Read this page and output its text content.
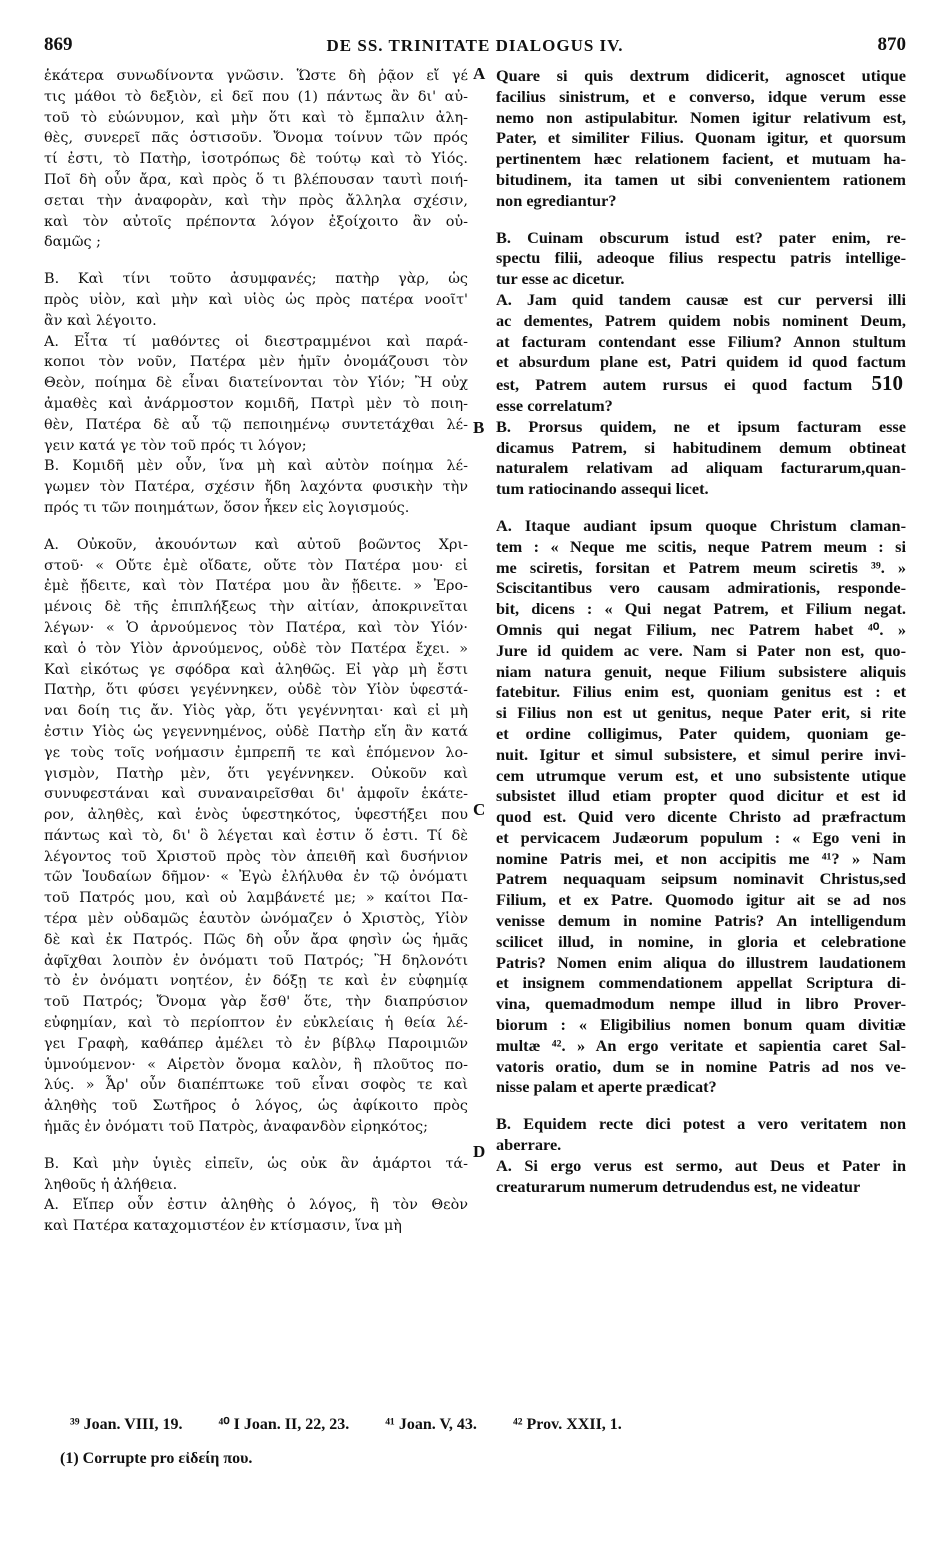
869	DE SS. TRINITATE DIALOGUS IV.	870
ἑκάτερα συνωδίνοντα γνῶσιν. Ὥστε δὴ ῥᾷον εἴ γέ
τις μάθοι τὸ δεξιὸν, εἰ δεῖ που (1) πάντως ἂν δι' αὐ-
τοῦ τὸ εὐώνυμον, καὶ μὴν ὅτι καὶ τὸ ἔμπαλιν ἀλη-
θὲς, συνερεῖ πᾶς ὁστισοῦν. Ὄνομα τοίνυν τῶν πρός
τί ἐστι, τὸ Πατὴρ, ἰσοτρόπως δὲ τούτῳ καὶ τὸ Υἱός.
Ποῖ δὴ οὖν ἄρα, καὶ πρὸς ὅ τι βλέπουσαν ταυτὶ ποιή-
σεται τὴν ἀναφορὰν, καὶ τὴν πρὸς ἄλληλα σχέσιν,
καὶ τὸν αὐτοῖς πρέποντα λόγον ἐξοίχοιτο ἂν οὐ-
δαμῶς ;
B. Καὶ τίνι τοῦτο ἀσυμφανές; πατὴρ γὰρ, ὡς
πρὸς υἱὸν, καὶ μὴν καὶ υἱὸς ὡς πρὸς πατέρα νοοῖτ'
ἂν καὶ λέγοιτο.
A. Εἶτα τί μαθόντες οἱ διεστραμμένοι καὶ παρά-
κοποι τὸν νοῦν, Πατέρα μὲν ἡμῖν ὀνομάζουσι τὸν
Θεὸν, ποίημα δὲ εἶναι διατείνονται τὸν Υἱόν; Ἢ οὐχ
ἀμαθὲς καὶ ἀνάρμοστον κομιδῆ, Πατρὶ μὲν τὸ ποιη-
θὲν, Πατέρα δὲ αὖ τῷ πεποιημένῳ συντετάχθαι λέ-
γειν κατά γε τὸν τοῦ πρός τι λόγον;
B. Κομιδῆ μὲν οὖν, ἵνα μὴ καὶ αὐτὸν ποίημα λέ-
γωμεν τὸν Πατέρα, σχέσιν ἤδη λαχόντα φυσικὴν τὴν
πρός τι τῶν ποιημάτων, ὅσον ἧκεν εἰς λογισμούς.
A. Οὐκοῦν, ἀκουόντων καὶ αὐτοῦ βοῶντος Χρι-
στοῦ· « Οὔτε ἐμὲ οἴδατε, οὔτε τὸν Πατέρα μου· εἰ
ἐμὲ ᾔδειτε, καὶ τὸν Πατέρα μου ἂν ᾔδειτε. » Ἐρο-
μένοις δὲ τῆς ἐπιπλήξεως τὴν αἰτίαν, ἀποκρινεῖται
λέγων· « Ὁ ἀρνούμενος τὸν Πατέρα, καὶ τὸν Υἱόν·
καὶ ὁ τὸν Υἱὸν ἀρνούμενος, οὐδὲ τὸν Πατέρα ἔχει. »
Καὶ εἰκότως γε σφόδρα καὶ ἀληθῶς. Εἰ γὰρ μὴ ἔστι
Πατὴρ, ὅτι φύσει γεγέννηκεν, οὐδὲ τὸν Υἱὸν ὑφεστά-
ναι δοίη τις ἄν. Υἱὸς γὰρ, ὅτι γεγέννηται· καὶ εἰ μὴ
ἐστιν Υἱὸς ὡς γεγεννημένος, οὐδὲ Πατὴρ εἴη ἂν κατά
γε τοὺς τοῖς νοήμασιν ἐμπρεπῆ τε καὶ ἑπόμενον λο-
γισμὸν, Πατὴρ μὲν, ὅτι γεγέννηκεν. Οὐκοῦν καὶ
συνυφεστάναι καὶ συναναιρεῖσθαι δι' ἀμφοῖν ἑκάτε-
ρον, ἀληθὲς, καὶ ἑνὸς ὑφεστηκότος, ὑφεστήξει που
πάντως καὶ τὸ, δι' ὃ λέγεται καὶ ἐστιν ὅ ἐστι. Τί δὲ
λέγοντος τοῦ Χριστοῦ πρὸς τὸν ἀπειθῆ καὶ δυσήνιον
τῶν Ἰουδαίων δῆμον· « Ἐγὼ ἐλήλυθα ἐν τῷ ὀνόματι
τοῦ Πατρός μου, καὶ οὐ λαμβάνετέ με; » καίτοι Πα-
τέρα μὲν οὐδαμῶς ἑαυτὸν ὠνόμαζεν ὁ Χριστὸς, Υἱὸν
δὲ καὶ ἐκ Πατρός. Πῶς δὴ οὖν ἄρα φησὶν ὡς ἡμᾶς
ἀφῖχθαι λοιπὸν ἐν ὀνόματι τοῦ Πατρός; Ἢ δηλονότι
τὸ ἐν ὀνόματι νοητέον, ἐν δόξῃ τε καὶ ἐν εὐφημίᾳ
τοῦ Πατρός; Ὄνομα γὰρ ἔσθ' ὅτε, τὴν διαπρύσιον
εὐφημίαν, καὶ τὸ περίοπτον ἐν εὐκλείαις ἡ θεία λέ-
γει Γραφὴ, καθάπερ ἀμέλει τὸ ἐν βίβλῳ Παροιμιῶν
ὑμνούμενον· « Αἱρετὸν ὄνομα καλὸν, ἢ πλοῦτος πο-
λύς. » Ἆρ' οὖν διαπέπτωκε τοῦ εἶναι σοφὸς τε καὶ
ἀληθὴς τοῦ Σωτῆρος ὁ λόγος, ὡς ἀφίκοιτο πρὸς
ἡμᾶς ἐν ὀνόματι τοῦ Πατρὸς, ἀναφανδὸν εἰρηκότος;
B. Καὶ μὴν ὑγιὲς εἰπεῖν, ὡς οὐκ ἂν ἁμάρτοι τά-
ληθοῦς ἡ ἀλήθεια.
A. Εἴπερ οὖν ἐστιν ἀληθὴς ὁ λόγος, ἢ τὸν Θεὸν
καὶ Πατέρα καταχομιστέον ἐν κτίσμασιν, ἵνα μὴ
Quare si quis dextrum didicerit, agnoscet utique
facilius sinistrum, et e converso, idque verum esse
nemo non astipulabitur. Nomen igitur relativum est,
Pater, et similiter Filius. Quonam igitur, et quorsum
pertinentem hæc relationem facient, et mutuam ha-
bitudinem, ita tamen ut sibi convenientem rationem
non egrediantur?
B. Cuinam obscurum istud est? pater enim, re-
spectu filii, adeoque filius respectu patris intellige-
tur esse ac dicetur.
A. Jam quid tandem causæ est cur perversi illi
ac dementes, Patrem quidem nobis nominent Deum,
at facturam contendant esse Filium? Annon stultum
et absurdum plane est, Patri quidem id quod factum
est, Patrem autem rursus ei quod factum 510
esse correlatum?
B. Prorsus quidem, ne et ipsum facturam esse
dicamus Patrem, si habitudinem demum obtineat
naturalem relativam ad aliquam facturarum,quan-
tum ratiocinando assequi licet.
A. Itaque audiant ipsum quoque Christum claman-
tem : « Neque me scitis, neque Patrem meum : si
me sciretis, forsitan et Patrem meum sciretis ³⁹. »
Sciscitantibus vero causam admirationis, responde-
bit, dicens : « Qui negat Patrem, et Filium negat.
Omnis qui negat Filium, nec Patrem habet ⁴⁰. »
Jure id quidem ac vere. Nam si Pater non est, quo-
niam natura genuit, neque Filium subsistere aliquis
fatebitur. Filius enim est, quoniam genitus est : et
si Filius non est ut genitus, neque Pater erit, si rite
et ordine colligimus, Pater quidem, quoniam ge-
nuit. Igitur et simul subsistere, et simul perire invi-
cem utrumque verum est, et uno subsistente utique
subsistet illud etiam propter quod dicitur et est id
quod est. Quid vero dicente Christo ad præfractum
et pervicacem Judæorum populum : « Ego veni in
nomine Patris mei, et non accipitis me ⁴¹? » Nam
Patrem nequaquam seipsum nominavit Christus,sed
Filium, et ex Patre. Quomodo igitur ait se ad nos
venisse demum in nomine Patris? An intelligendum
scilicet illud, in nomine, in gloria et celebratione
Patris? Nomen enim aliqua do illustrem laudationem
et insignem commendationem appellat Scriptura di-
vina, quemadmodum nempe illud in libro Prover-
biorum : « Eligibilius nomen bonum quam divitiæ
multæ ⁴². » An ergo veritate et sapientia caret Sal-
vatoris oratio, dum se in nomine Patris ad nos ve-
nisse palam et aperte prædicat?
B. Equidem recte dici potest a vero veritatem non
aberrare.
A. Si ergo verus est sermo, aut Deus et Pater in
creaturarum numerum detrudendus est, ne videatur
A
B
C
D
³⁹ Joan. VIII, 19. ⁴⁰ I Joan. II, 22, 23. ⁴¹ Joan. V, 43. ⁴² Prov. XXII, 1.
(1) Corrupte pro εἰδείη που.
